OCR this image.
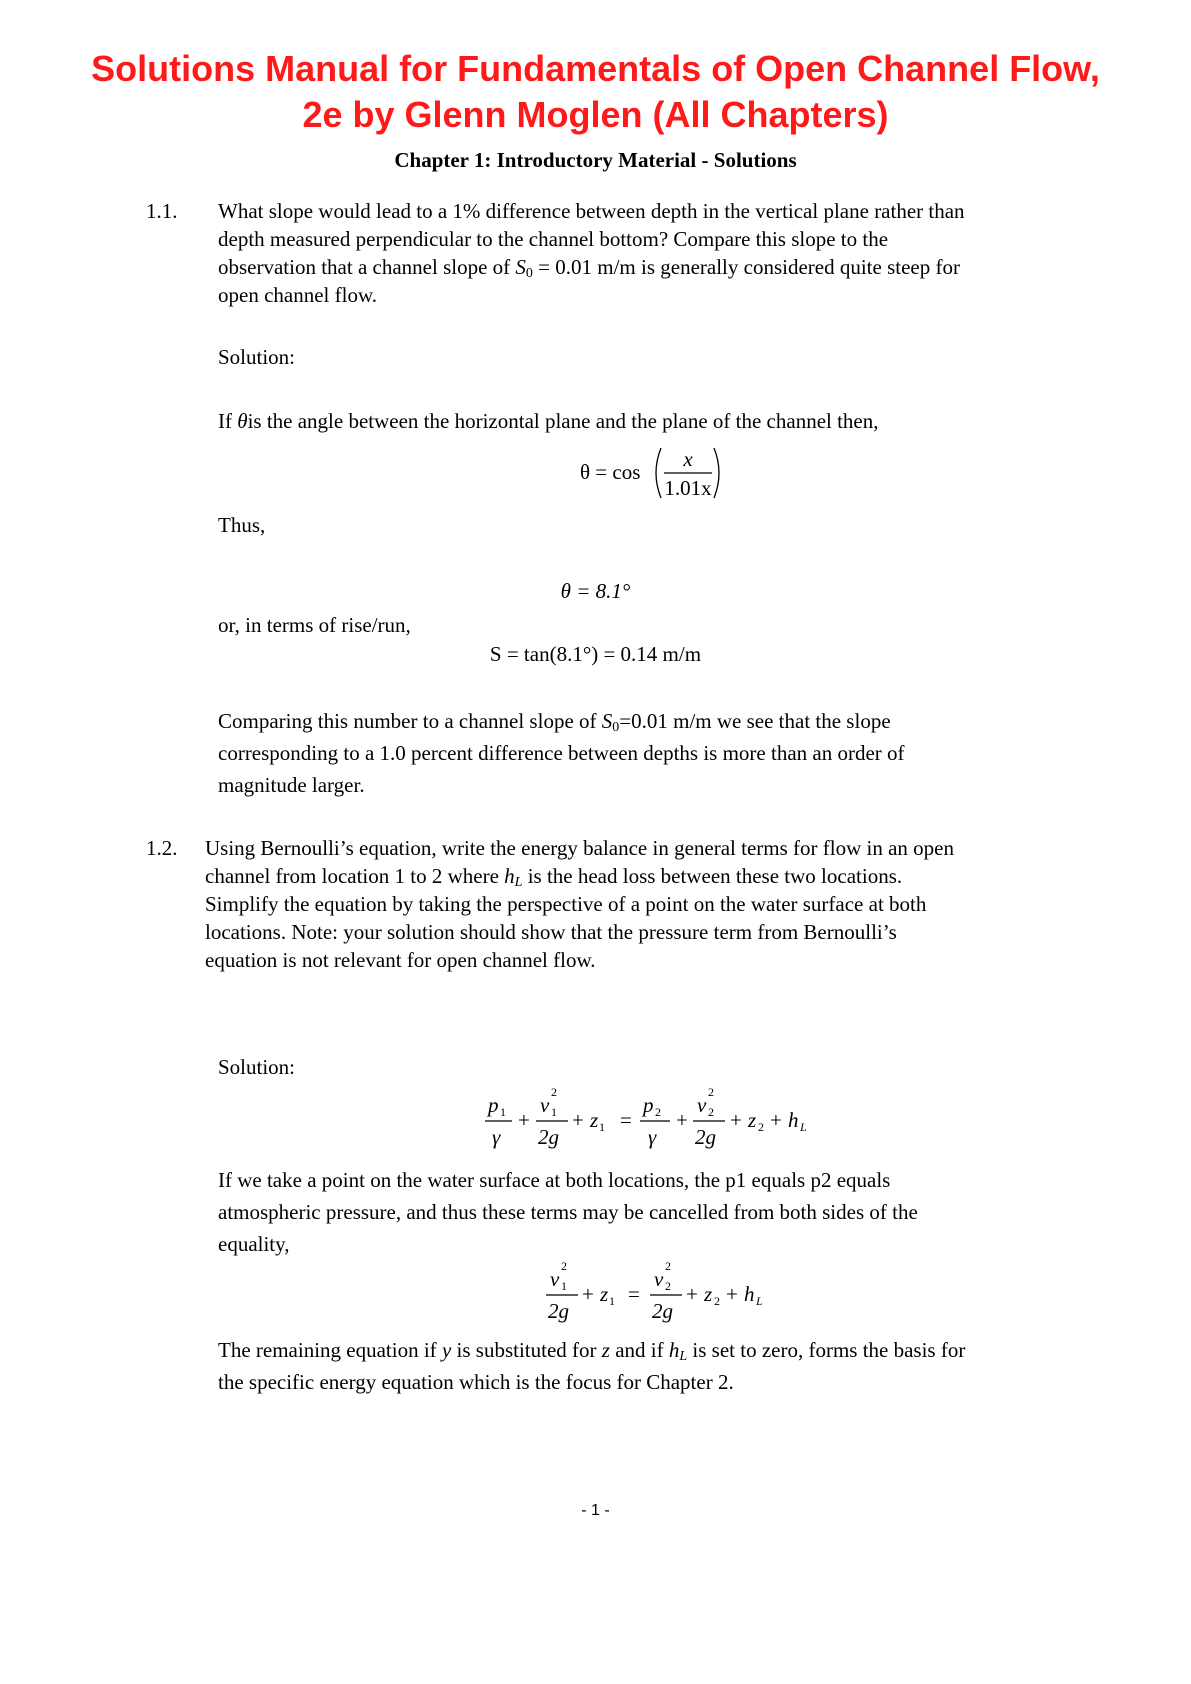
Solutions Manual for Fundamentals of Open Channel Flow,
2e by Glenn Moglen (All Chapters)
Chapter 1: Introductory Material - Solutions
1.1. What slope would lead to a 1% difference between depth in the vertical plane rather than
depth measured perpendicular to the channel bottom? Compare this slope to the
observation that a channel slope of $S_0 = 0.01$ m/m is generally considered quite steep for
open channel flow.
Solution:
If θis the angle between the horizontal plane and the plane of the channel then,
θ = cos
x
1.01x
Thus,
θ = 8.1°
or, in terms of rise/run,
S = tan(8.1°) = 0.14 m/m
Comparing this number to a channel slope of $S_0=0.01$ m/m we see that the slope
corresponding to a 1.0 percent difference between depths is more than an order of
magnitude larger.
1.2. Using Bernoulli’s equation, write the energy balance in general terms for flow in an open
channel from location 1 to 2 where $h_L$ is the head loss between these two locations.
Simplify the equation by taking the perspective of a point on the water surface at both
locations. Note: your solution should show that the pressure term from Bernoulli’s
equation is not relevant for open channel flow.
Solution:
p 1
γ
+
v
2
1
2g
+ z 1 =
p 2
γ
+
v
2
2
2g
+ z 2 + h L
If we take a point on the water surface at both locations, the p1 equals p2 equals
atmospheric pressure, and thus these terms may be cancelled from both sides of the
equality,
v
2
1
2g
+ z 1 =
v
2
2
2g
+ z 2 + h L
The remaining equation if y is substituted for z and if $h_L$ is set to zero, forms the basis for
the specific energy equation which is the focus for Chapter 2.
- 1 -
